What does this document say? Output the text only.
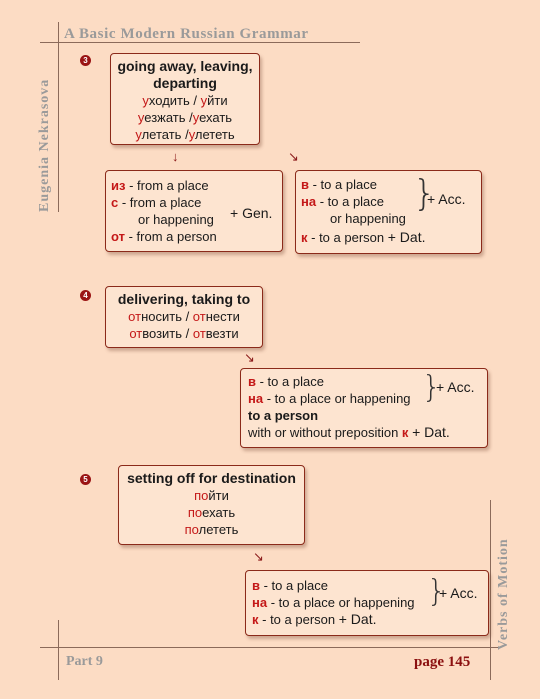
A Basic Modern Russian Grammar
Eugenia Nekrasova
Verbs of Motion
Part 9	page 145
3	going away, leaving, departing
уходить / уйти
уезжать /уехать
улетать /улететь
↓	↘
из - from a place
с - from a place
or happening
от - from a person
+ Gen.
в - to a place
на - to a place
or happening
к - to a person + Dat.
}
+ Acc.
4	delivering, taking to
относить / отнести
отвозить / отвезти
↘
в - to a place
на - to a place or happening
to a person
with or without preposition к + Dat.
}
+ Acc.
5	setting off for destination
пойти
поехать
полететь
↘
в - to a place
на - to a place or happening
к - to a person + Dat.
}
+ Acc.
